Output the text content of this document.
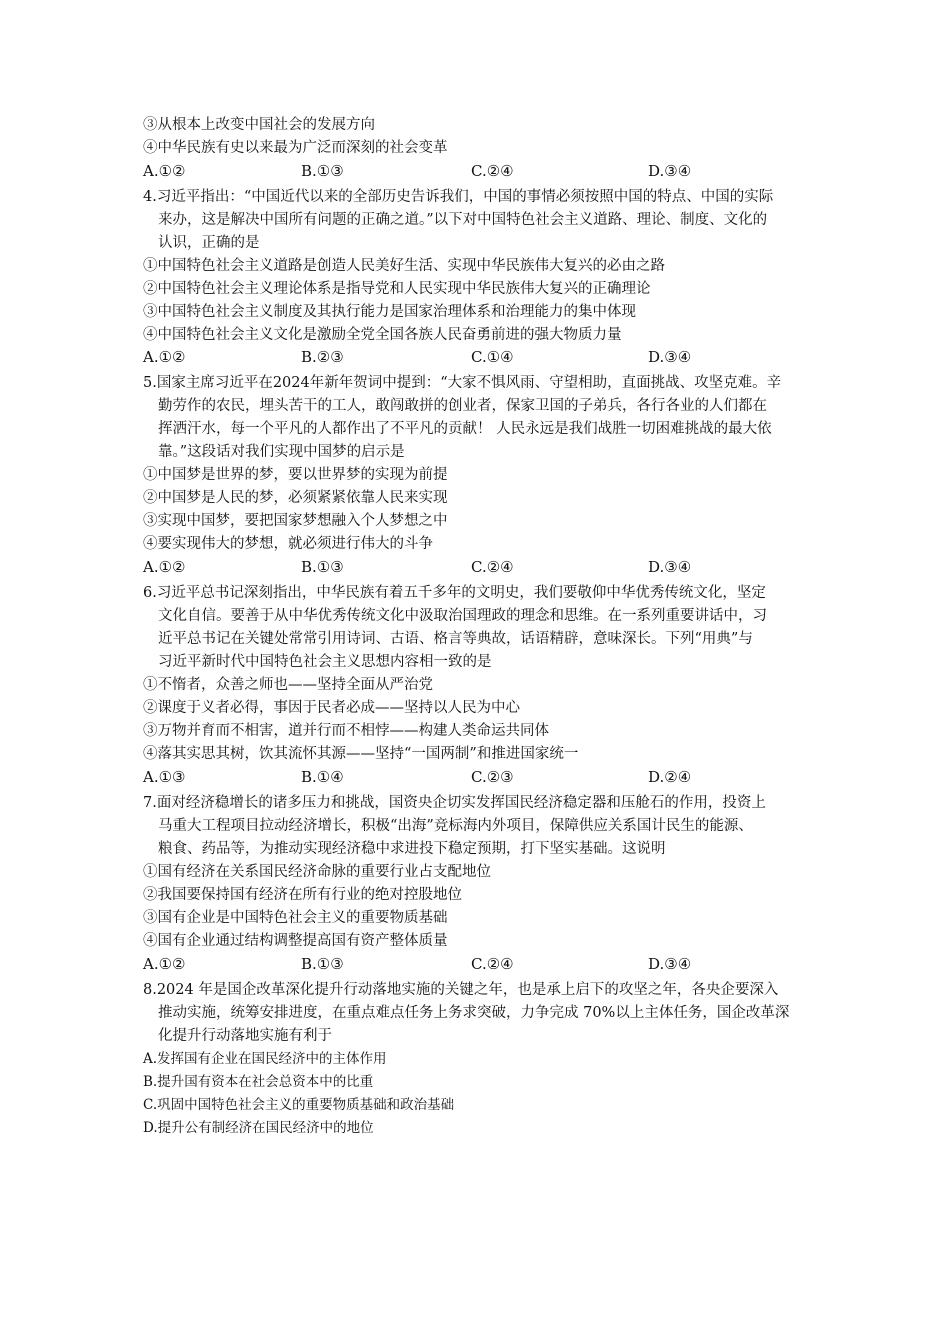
③从根本上改变中国社会的发展方向
④中华民族有史以来最为广泛而深刻的社会变革
A.①②	B.①③	C.②④	D.③④
4.习近平指出：“中国近代以来的全部历史告诉我们，中国的事情必须按照中国的特点、中国的实际
来办，这是解决中国所有问题的正确之道。”以下对中国特色社会主义道路、理论、制度、文化的
认识，正确的是
①中国特色社会主义道路是创造人民美好生活、实现中华民族伟大复兴的必由之路
②中国特色社会主义理论体系是指导党和人民实现中华民族伟大复兴的正确理论
③中国特色社会主义制度及其执行能力是国家治理体系和治理能力的集中体现
④中国特色社会主义文化是激励全党全国各族人民奋勇前进的强大物质力量
A.①②	B.②③	C.①④	D.③④
5.国家主席习近平在2024年新年贺词中提到：“大家不惧风雨、守望相助，直面挑战、攻坚克难。辛
勤劳作的农民，埋头苦干的工人，敢闯敢拼的创业者，保家卫国的子弟兵，各行各业的人们都在
挥洒汗水，每一个平凡的人都作出了不平凡的贡献！ 人民永远是我们战胜一切困难挑战的最大依
靠。”这段话对我们实现中国梦的启示是
①中国梦是世界的梦，要以世界梦的实现为前提
②中国梦是人民的梦，必须紧紧依靠人民来实现
③实现中国梦，要把国家梦想融入个人梦想之中
④要实现伟大的梦想，就必须进行伟大的斗争
A.①②	B.①③	C.②④	D.③④
6.习近平总书记深刻指出，中华民族有着五千多年的文明史，我们要敬仰中华优秀传统文化，坚定
文化自信。要善于从中华优秀传统文化中汲取治国理政的理念和思维。在一系列重要讲话中，习
近平总书记在关键处常常引用诗词、古语、格言等典故，话语精辟，意味深长。下列“用典”与
习近平新时代中国特色社会主义思想内容相一致的是
①不惰者，众善之师也——坚持全面从严治党
②课度于义者必得，事因于民者必成——坚持以人民为中心
③万物并育而不相害，道并行而不相悖——构建人类命运共同体
④落其实思其树，饮其流怀其源——坚持“一国两制”和推进国家统一
A.①③	B.①④	C.②③	D.②④
7.面对经济稳增长的诸多压力和挑战，国资央企切实发挥国民经济稳定器和压舱石的作用，投资上
马重大工程项目拉动经济增长，积极“出海”竞标海内外项目，保障供应关系国计民生的能源、
粮食、药品等，为推动实现经济稳中求进投下稳定预期，打下坚实基础。这说明
①国有经济在关系国民经济命脉的重要行业占支配地位
②我国要保持国有经济在所有行业的绝对控股地位
③国有企业是中国特色社会主义的重要物质基础
④国有企业通过结构调整提高国有资产整体质量
A.①②	B.①③	C.②④	D.③④
8.2024 年是国企改革深化提升行动落地实施的关键之年，也是承上启下的攻坚之年，各央企要深入
推动实施，统筹安排进度，在重点难点任务上务求突破，力争完成 70%以上主体任务，国企改革深
化提升行动落地实施有利于
A.发挥国有企业在国民经济中的主体作用
B.提升国有资本在社会总资本中的比重
C.巩固中国特色社会主义的重要物质基础和政治基础
D.提升公有制经济在国民经济中的地位
